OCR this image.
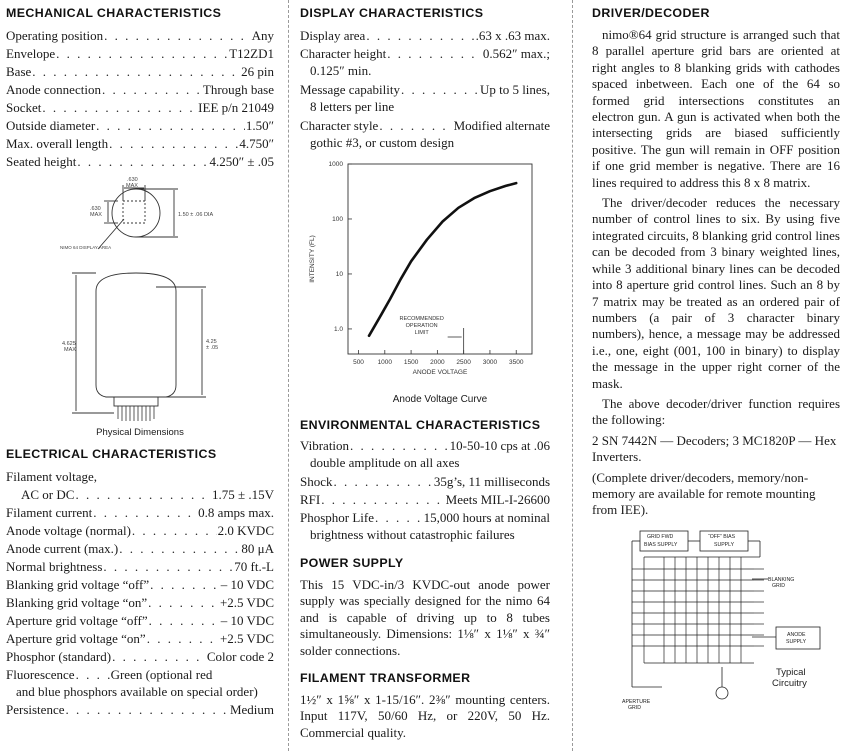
MECHANICAL CHARACTERISTICS
Operating position . . .	Any
Envelope . . .	T12ZD1
Base . . .	26 pin
Anode connection . . .	Through base
Socket . . .	IEE p/n 21049
Outside diameter . . .	1.50″
Max. overall length . . .	4.750″
Seated height . . .	4.250″ ± .05
.630
MAX
.630
MAX	1.50 ± .06 DIA
NIMO 64 DISPLAY AREA
4.625
MAX
4.25
± .05
Physical Dimensions
ELECTRICAL CHARACTERISTICS
Filament voltage,
AC or DC . . .	1.75 ± .15V
Filament current . . .	0.8 amps max.
Anode voltage (normal) . . .	2.0 KVDC
Anode current (max.) . . .	80 μA
Normal brightness . . .	70 ft.-L
Blanking grid voltage “off” . . .	– 10 VDC
Blanking grid voltage “on” . . .	+2.5 VDC
Aperture grid voltage “off” . . .	– 10 VDC
Aperture grid voltage “on” . . .	+2.5 VDC
Phosphor (standard) . . .	Color code 2
Fluorescence . . .	Green (optional red
and blue phosphors available on special order)
Persistence . . .	Medium
DISPLAY CHARACTERISTICS
Display area . . .	.63 x .63 max.
Character height . . .	0.562″ max.;
0.125″ min.
Message capability . . .	Up to 5 lines,
8 letters per line
Character style . . .	Modified alternate
gothic #3, or custom design
500 1000 1500 2000 2500 3000 3500
1000
100
10
1.0
ANODE VOLTAGE
INTENSITY (FL)
RECOMMENDED
OPERATION
LIMIT
Anode Voltage Curve
ENVIRONMENTAL CHARACTERISTICS
Vibration . . .	10-50-10 cps at .06
double amplitude on all axes
Shock . . .	35g’s, 11 milliseconds
RFI . . .	Meets MIL-I-26600
Phosphor Life . . .	15,000 hours at nominal
brightness without catastrophic failures
POWER SUPPLY

This 15 VDC-in/3 KVDC-out anode power supply was specially designed for the nimo 64 and is capable of driving up to 8 tubes simultaneously. Dimensions: 1⅛″ x 1⅛″ x ¾″ solder connections.

FILAMENT TRANSFORMER

1½″ x 1⅝″ x 1-15/16″. 2⅜″ mounting centers. Input 117V, 50/60 Hz, or 220V, 50 Hz. Commercial quality.

DRIVER/DECODER

nimo®64 grid structure is arranged such that 8 parallel aperture grid bars are oriented at right angles to 8 blanking grids with cathodes spaced inbetween. Each one of the 64 so formed grid intersections constitutes an electron gun. A gun is activated when both the intersecting grids are biased sufficiently positive. The gun will remain in OFF position if one grid member is negative. There are 16 lines required to address this 8 x 8 matrix.

The driver/decoder reduces the necessary number of control lines to six. By using five integrated circuits, 8 blanking grid control lines can be decoded from 3 binary weighted lines, while 3 additional binary lines can be decoded into 8 aperture grid control lines. Such an 8 by 7 matrix may be treated as an ordered pair of numbers (a pair of 3 character binary numbers), hence, a message may be addressed i.e., one, eight (001, 100 in binary) to display the message in the upper right corner of the mask.

The above decoder/driver function requires the following:

2 SN 7442N — Decoders; 3 MC1820P — Hex Inverters.

(Complete driver/decoders, memory/non-memory are available for remote mounting from IEE).

GRID FWD
BIAS SUPPLY
“OFF” BIAS
SUPPLY
BLANKING
GRID
ANODE
SUPPLY
APERTURE
GRID
Typical
Circuitry
